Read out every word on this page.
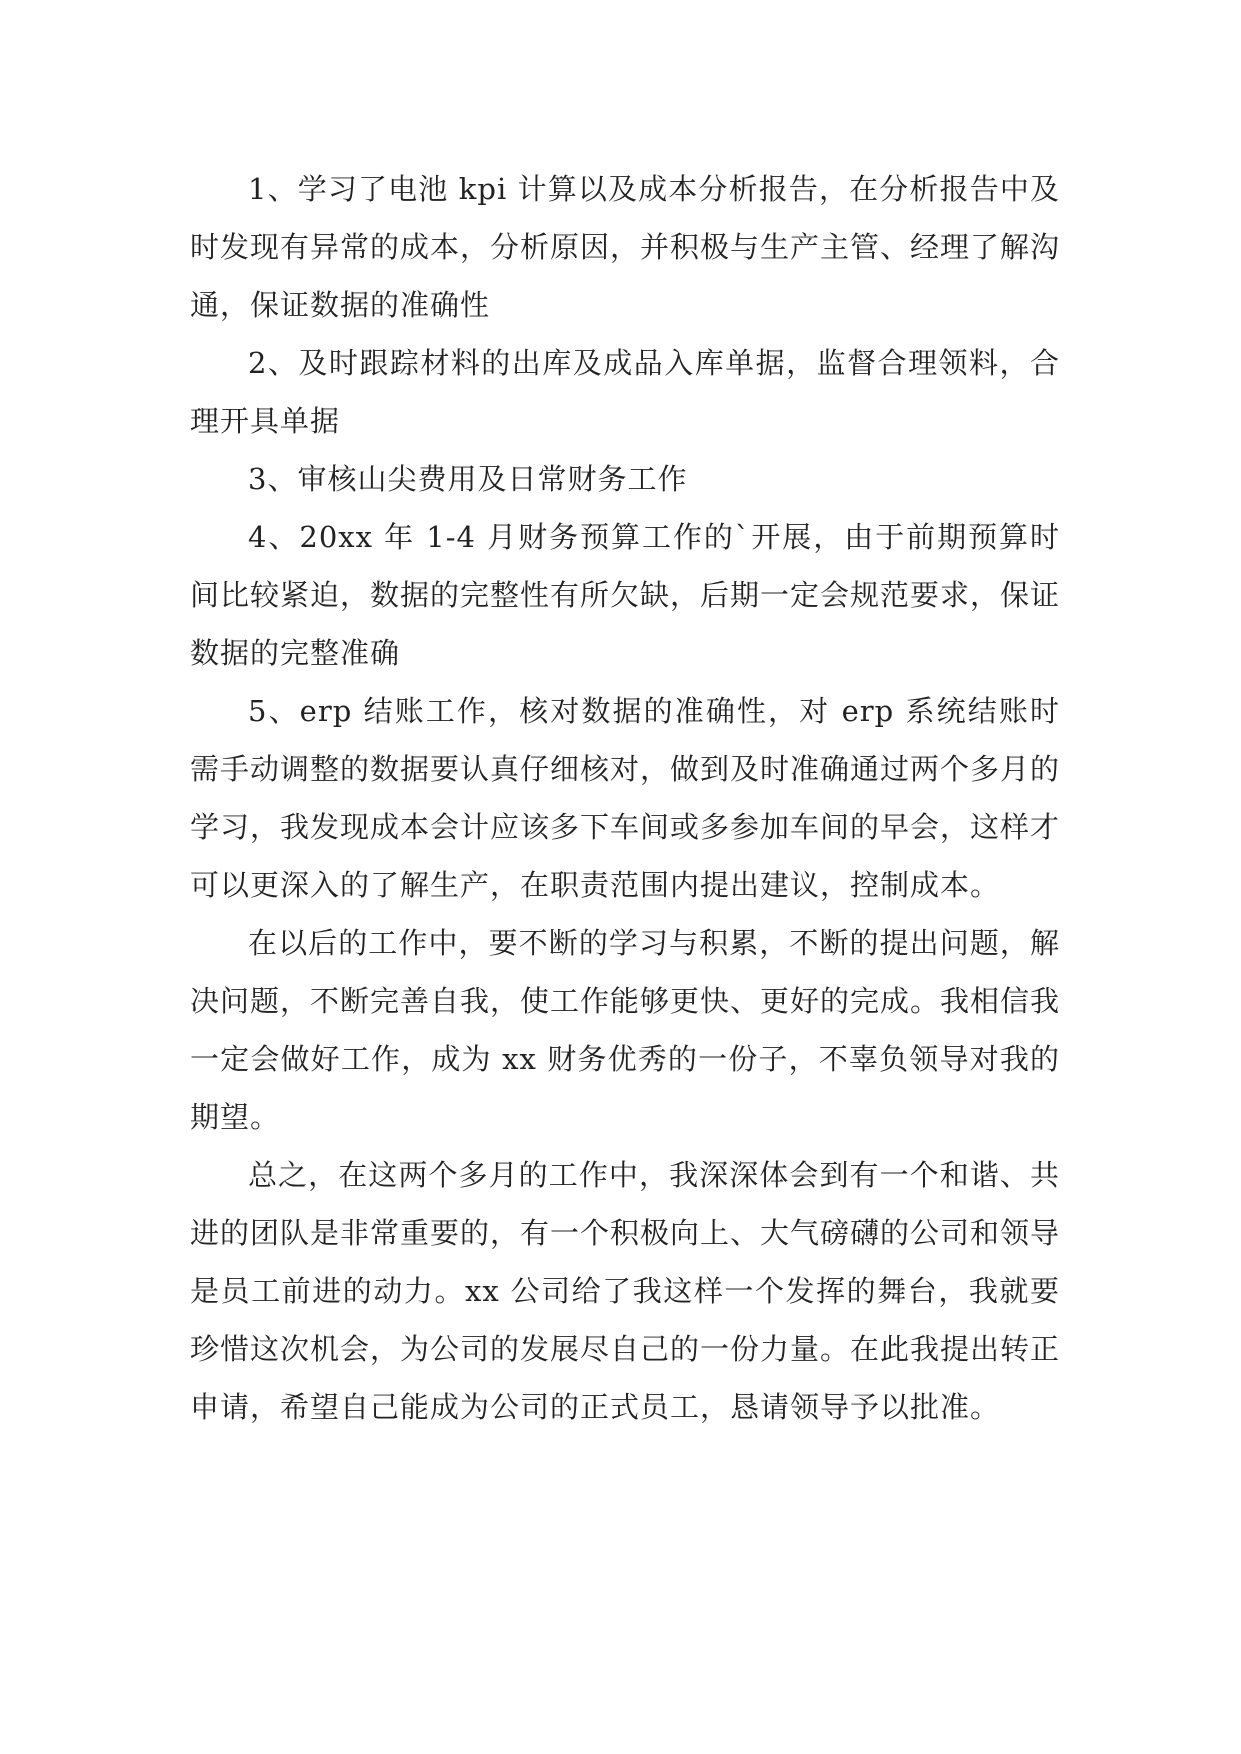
1、学习了电池 kpi 计算以及成本分析报告，在分析报告中及时发现有异常的成本，分析原因，并积极与生产主管、经理了解沟通，保证数据的准确性

2、及时跟踪材料的出库及成品入库单据，监督合理领料，合理开具单据

3、审核山尖费用及日常财务工作

4、20xx 年 1-4 月财务预算工作的`开展，由于前期预算时间比较紧迫，数据的完整性有所欠缺，后期一定会规范要求，保证数据的完整准确

5、erp 结账工作，核对数据的准确性，对 erp 系统结账时需手动调整的数据要认真仔细核对，做到及时准确通过两个多月的学习，我发现成本会计应该多下车间或多参加车间的早会，这样才可以更深入的了解生产，在职责范围内提出建议，控制成本。

在以后的工作中，要不断的学习与积累，不断的提出问题，解决问题，不断完善自我，使工作能够更快、更好的完成。我相信我一定会做好工作，成为 xx 财务优秀的一份子，不辜负领导对我的期望。

总之，在这两个多月的工作中，我深深体会到有一个和谐、共进的团队是非常重要的，有一个积极向上、大气磅礴的公司和领导是员工前进的动力。xx 公司给了我这样一个发挥的舞台，我就要珍惜这次机会，为公司的发展尽自己的一份力量。在此我提出转正申请，希望自己能成为公司的正式员工，恳请领导予以批准。
